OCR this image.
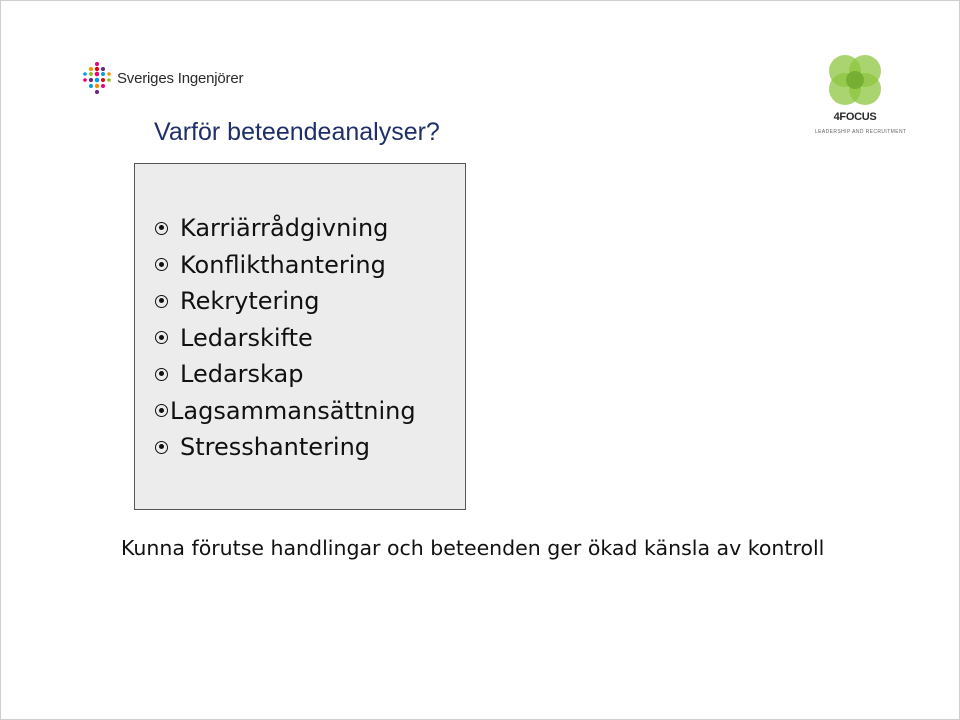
Sveriges Ingenjörer
4FOCUS
LEADERSHIP AND RECRUITMENT
Varför beteendeanalyser?
Karriärrådgivning
Konflikthantering
Rekrytering
Ledarskifte
Ledarskap
Lagsammansättning
Stresshantering
Kunna förutse handlingar och beteenden ger ökad känsla av kontroll
